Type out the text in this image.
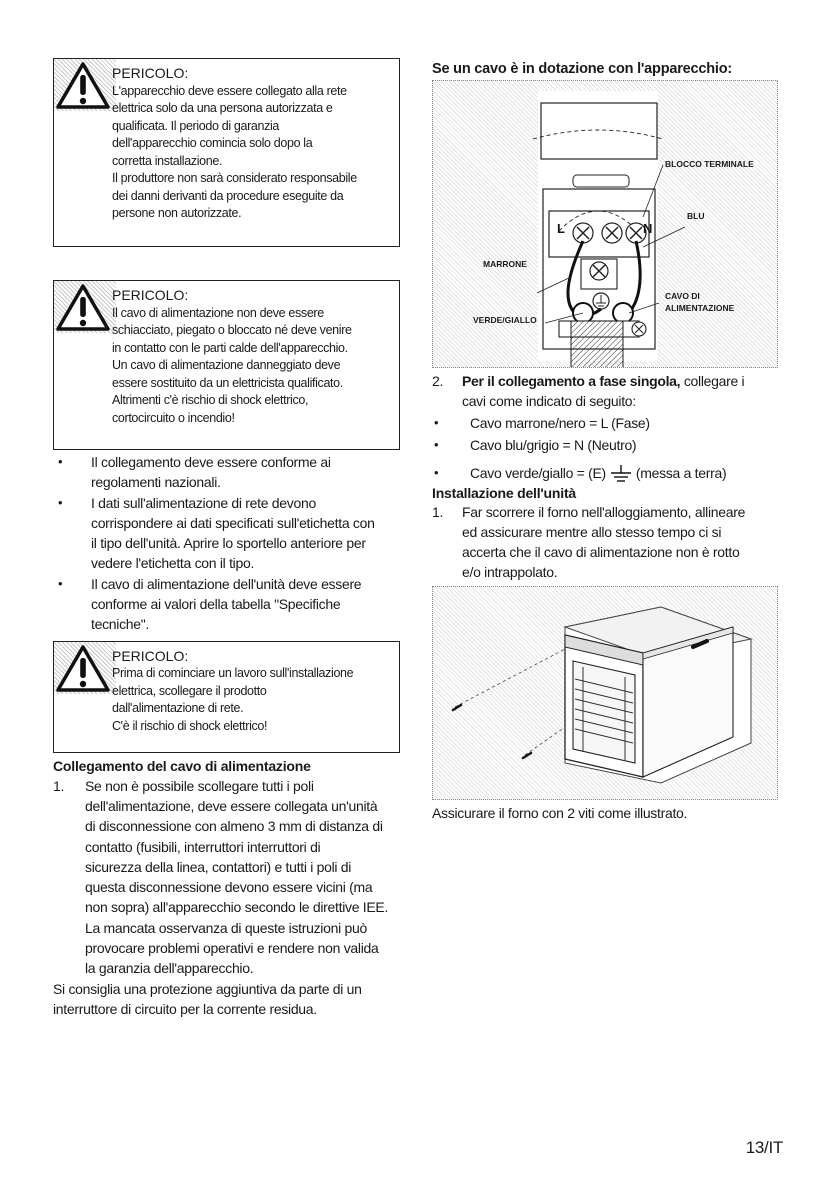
PERICOLO:

L'apparecchio deve essere collegato alla rete

elettrica solo da una persona autorizzata e

qualificata. Il periodo di garanzia

dell'apparecchio comincia solo dopo la

corretta installazione.

Il produttore non sarà considerato responsabile

dei danni derivanti da procedure eseguite da

persone non autorizzate.

PERICOLO:

Il cavo di alimentazione non deve essere

schiacciato, piegato o bloccato né deve venire

in contatto con le parti calde dell'apparecchio.

Un cavo di alimentazione danneggiato deve

essere sostituito da un elettricista qualificato.

Altrimenti c'è rischio di shock elettrico,

cortocircuito o incendio!

• Il collegamento deve essere conforme ai
regolamenti nazionali.
• I dati sull'alimentazione di rete devono
corrispondere ai dati specificati sull'etichetta con
il tipo dell'unità. Aprire lo sportello anteriore per
vedere l'etichetta con il tipo.
• Il cavo di alimentazione dell'unità deve essere
conforme ai valori della tabella "Specifiche
tecniche".
PERICOLO:

Prima di cominciare un lavoro sull'installazione

elettrica, scollegare il prodotto

dall'alimentazione di rete.

C'è il rischio di shock elettrico!

Collegamento del cavo di alimentazione
1. Se non è possibile scollegare tutti i poli
dell'alimentazione, deve essere collegata un'unità
di disconnessione con almeno 3 mm di distanza di
contatto (fusibili, interruttori interruttori di
sicurezza della linea, contattori) e tutti i poli di
questa disconnessione devono essere vicini (ma
non sopra) all'apparecchio secondo le direttive IEE.
La mancata osservanza di queste istruzioni può
provocare problemi operativi e rendere non valida
la garanzia dell'apparecchio.
Si consiglia una protezione aggiuntiva da parte di un
interruttore di circuito per la corrente residua.
Se un cavo è in dotazione con l'apparecchio:
L	N
BLOCCO TERMINALE
BLU
MARRONE
CAVO DI
ALIMENTAZIONE
VERDE/GIALLO
2. Per il collegamento a fase singola, collegare i
cavi come indicato di seguito:
• Cavo marrone/nero = L (Fase)
• Cavo blu/grigio = N (Neutro)
• Cavo verde/giallo = (E) (messa a terra)
Installazione dell'unità
1. Far scorrere il forno nell'alloggiamento, allineare
ed assicurare mentre allo stesso tempo ci si
accerta che il cavo di alimentazione non è rotto
e/o intrappolato.
Assicurare il forno con 2 viti come illustrato.
13/IT
